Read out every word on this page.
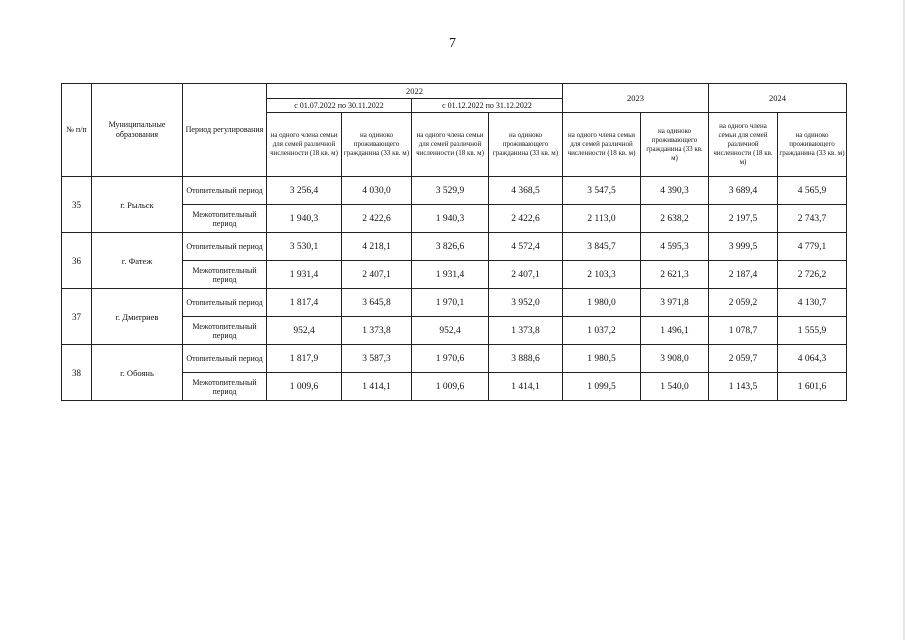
7
№ п/п	Муниципальные образования	Период регулирования	2022				2023		2024	
			с 01.07.2022 по 30.11.2022		с 01.12.2022 по 31.12.2022					
			на одного члена семьи для семей различной численности (18 кв. м)	на одиноко проживающего гражданина (33 кв. м)	на одного члена семьи для семей различной численности (18 кв. м)	на одиноко проживающего гражданина (33 кв. м)	на одного члена семьи для семей различной численности (18 кв. м)	на одиноко проживающего гражданина (33 кв. м)	на одного члена семьи для семей различной численности (18 кв. м)	на одиноко проживающего гражданина (33 кв. м)
35	г. Рыльск	Отопительный период	3 256,4	4 030,0	3 529,9	4 368,5	3 547,5	4 390,3	3 689,4	4 565,9
		Межотопительный период	1 940,3	2 422,6	1 940,3	2 422,6	2 113,0	2 638,2	2 197,5	2 743,7
36	г. Фатеж	Отопительный период	3 530,1	4 218,1	3 826,6	4 572,4	3 845,7	4 595,3	3 999,5	4 779,1
		Межотопительный период	1 931,4	2 407,1	1 931,4	2 407,1	2 103,3	2 621,3	2 187,4	2 726,2
37	г. Дмитриев	Отопительный период	1 817,4	3 645,8	1 970,1	3 952,0	1 980,0	3 971,8	2 059,2	4 130,7
		Межотопительный период	952,4	1 373,8	952,4	1 373,8	1 037,2	1 496,1	1 078,7	1 555,9
38	г. Обоянь	Отопительный период	1 817,9	3 587,3	1 970,6	3 888,6	1 980,5	3 908,0	2 059,7	4 064,3
		Межотопительный период	1 009,6	1 414,1	1 009,6	1 414,1	1 099,5	1 540,0	1 143,5	1 601,6
